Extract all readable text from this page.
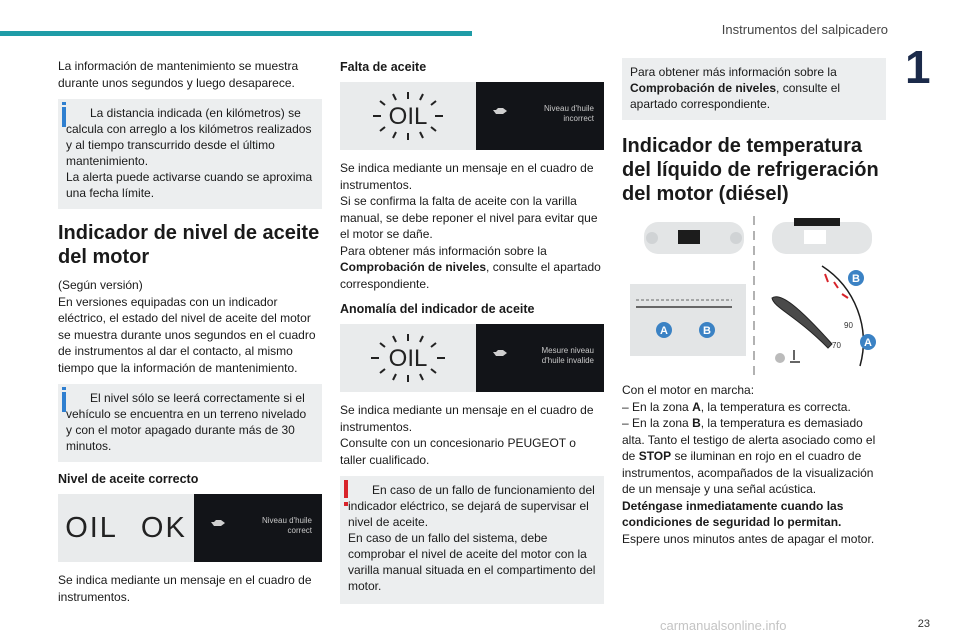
Instrumentos del salpicadero
1

La información de mantenimiento se muestra durante unos segundos y luego desaparece.

La distancia indicada (en kilómetros) se calcula con arreglo a los kilómetros realizados y al tiempo transcurrido desde el último mantenimiento.
La alerta puede activarse cuando se aproxima una fecha límite.
Indicador de nivel de aceite del motor

(Según versión)

En versiones equipadas con un indicador eléctrico, el estado del nivel de aceite del motor se muestra durante unos segundos en el cuadro de instrumentos al dar el contacto, al mismo tiempo que la información de mantenimiento.

El nivel sólo se leerá correctamente si el vehículo se encuentra en un terreno nivelado y con el motor apagado durante más de 30 minutos.
Nivel de aceite correcto
OIL OK	Niveau d'huile
correct

Se indica mediante un mensaje en el cuadro de instrumentos.

Falta de aceite
OIL	Niveau d'huile
incorrect

Se indica mediante un mensaje en el cuadro de instrumentos.

Si se confirma la falta de aceite con la varilla manual, se debe reponer el nivel para evitar que el motor se dañe.

Para obtener más información sobre la Comprobación de niveles, consulte el apartado correspondiente.

Anomalía del indicador de aceite
OIL	Mesure niveau
d'huile invalide

Se indica mediante un mensaje en el cuadro de instrumentos.

Consulte con un concesionario PEUGEOT o taller cualificado.

En caso de un fallo de funcionamiento del indicador eléctrico, se dejará de supervisar el nivel de aceite.
En caso de un fallo del sistema, debe comprobar el nivel de aceite del motor con la varilla manual situada en el compartimento del motor.
Para obtener más información sobre la Comprobación de niveles, consulte el apartado correspondiente.
Indicador de temperatura del líquido de refrigeración del motor (diésel)
A	B	90
70
B
A

Con el motor en marcha:

– En la zona A, la temperatura es correcta.

– En la zona B, la temperatura es demasiado alta. Tanto el testigo de alerta asociado como el de STOP se iluminan en rojo en el cuadro de instrumentos, acompañados de la visualización de un mensaje y una señal acústica.

Deténgase inmediatamente cuando las condiciones de seguridad lo permitan.

Espere unos minutos antes de apagar el motor.

23
carmanualsonline.info
